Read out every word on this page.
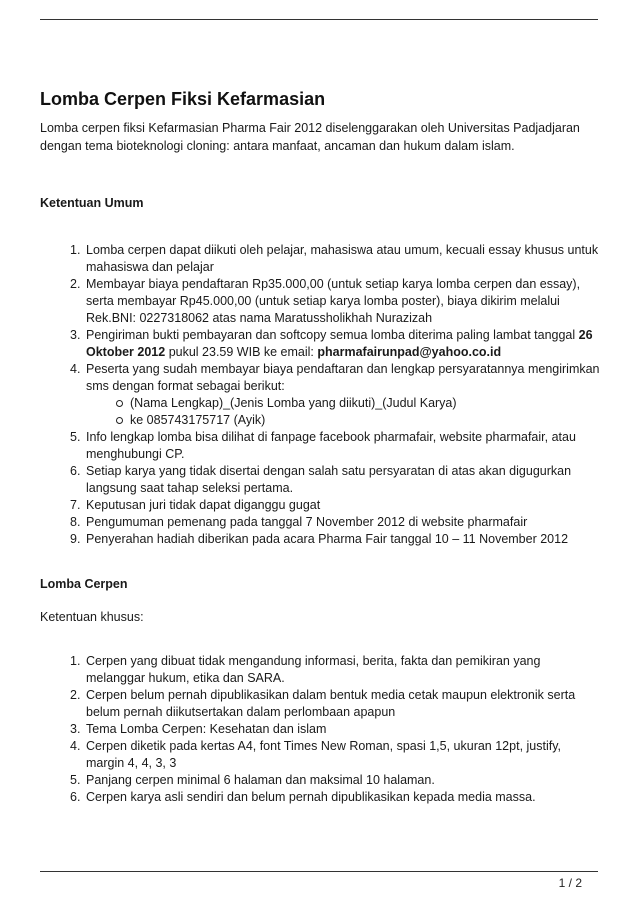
Lomba Cerpen Fiksi Kefarmasian

Lomba cerpen fiksi Kefarmasian Pharma Fair 2012 diselenggarakan oleh Universitas Padjadjaran dengan tema bioteknologi cloning: antara manfaat, ancaman dan hukum dalam islam.

Ketentuan Umum
1. Lomba cerpen dapat diikuti oleh pelajar, mahasiswa atau umum, kecuali essay khusus untuk mahasiswa dan pelajar
2. Membayar biaya pendaftaran Rp35.000,00 (untuk setiap karya lomba cerpen dan essay), serta membayar Rp45.000,00 (untuk setiap karya lomba poster), biaya dikirim melalui Rek.BNI: 0227318062 atas nama Maratussholikhah Nurazizah
3. Pengiriman bukti pembayaran dan softcopy semua lomba diterima paling lambat tanggal 26 Oktober 2012 pukul 23.59 WIB ke email: pharmafairunpad@yahoo.co.id
4. Peserta yang sudah membayar biaya pendaftaran dan lengkap persyaratannya mengirimkan sms dengan format sebagai berikut:
(Nama Lengkap)_(Jenis Lomba yang diikuti)_(Judul Karya)
ke 085743175717 (Ayik)
5. Info lengkap lomba bisa dilihat di fanpage facebook pharmafair, website pharmafair, atau menghubungi CP.
6. Setiap karya yang tidak disertai dengan salah satu persyaratan di atas akan digugurkan langsung saat tahap seleksi pertama.
7. Keputusan juri tidak dapat diganggu gugat
8. Pengumuman pemenang pada tanggal 7 November 2012 di website pharmafair
9. Penyerahan hadiah diberikan pada acara Pharma Fair tanggal 10 – 11 November 2012
Lomba Cerpen

Ketentuan khusus:

1. Cerpen yang dibuat tidak mengandung informasi, berita, fakta dan pemikiran yang melanggar hukum, etika dan SARA.
2. Cerpen belum pernah dipublikasikan dalam bentuk media cetak maupun elektronik serta belum pernah diikutsertakan dalam perlombaan apapun
3. Tema Lomba Cerpen: Kesehatan dan islam
4. Cerpen diketik pada kertas A4, font Times New Roman, spasi 1,5, ukuran 12pt, justify, margin 4, 4, 3, 3
5. Panjang cerpen minimal 6 halaman dan maksimal 10 halaman.
6. Cerpen karya asli sendiri dan belum pernah dipublikasikan kepada media massa.
1 / 2
